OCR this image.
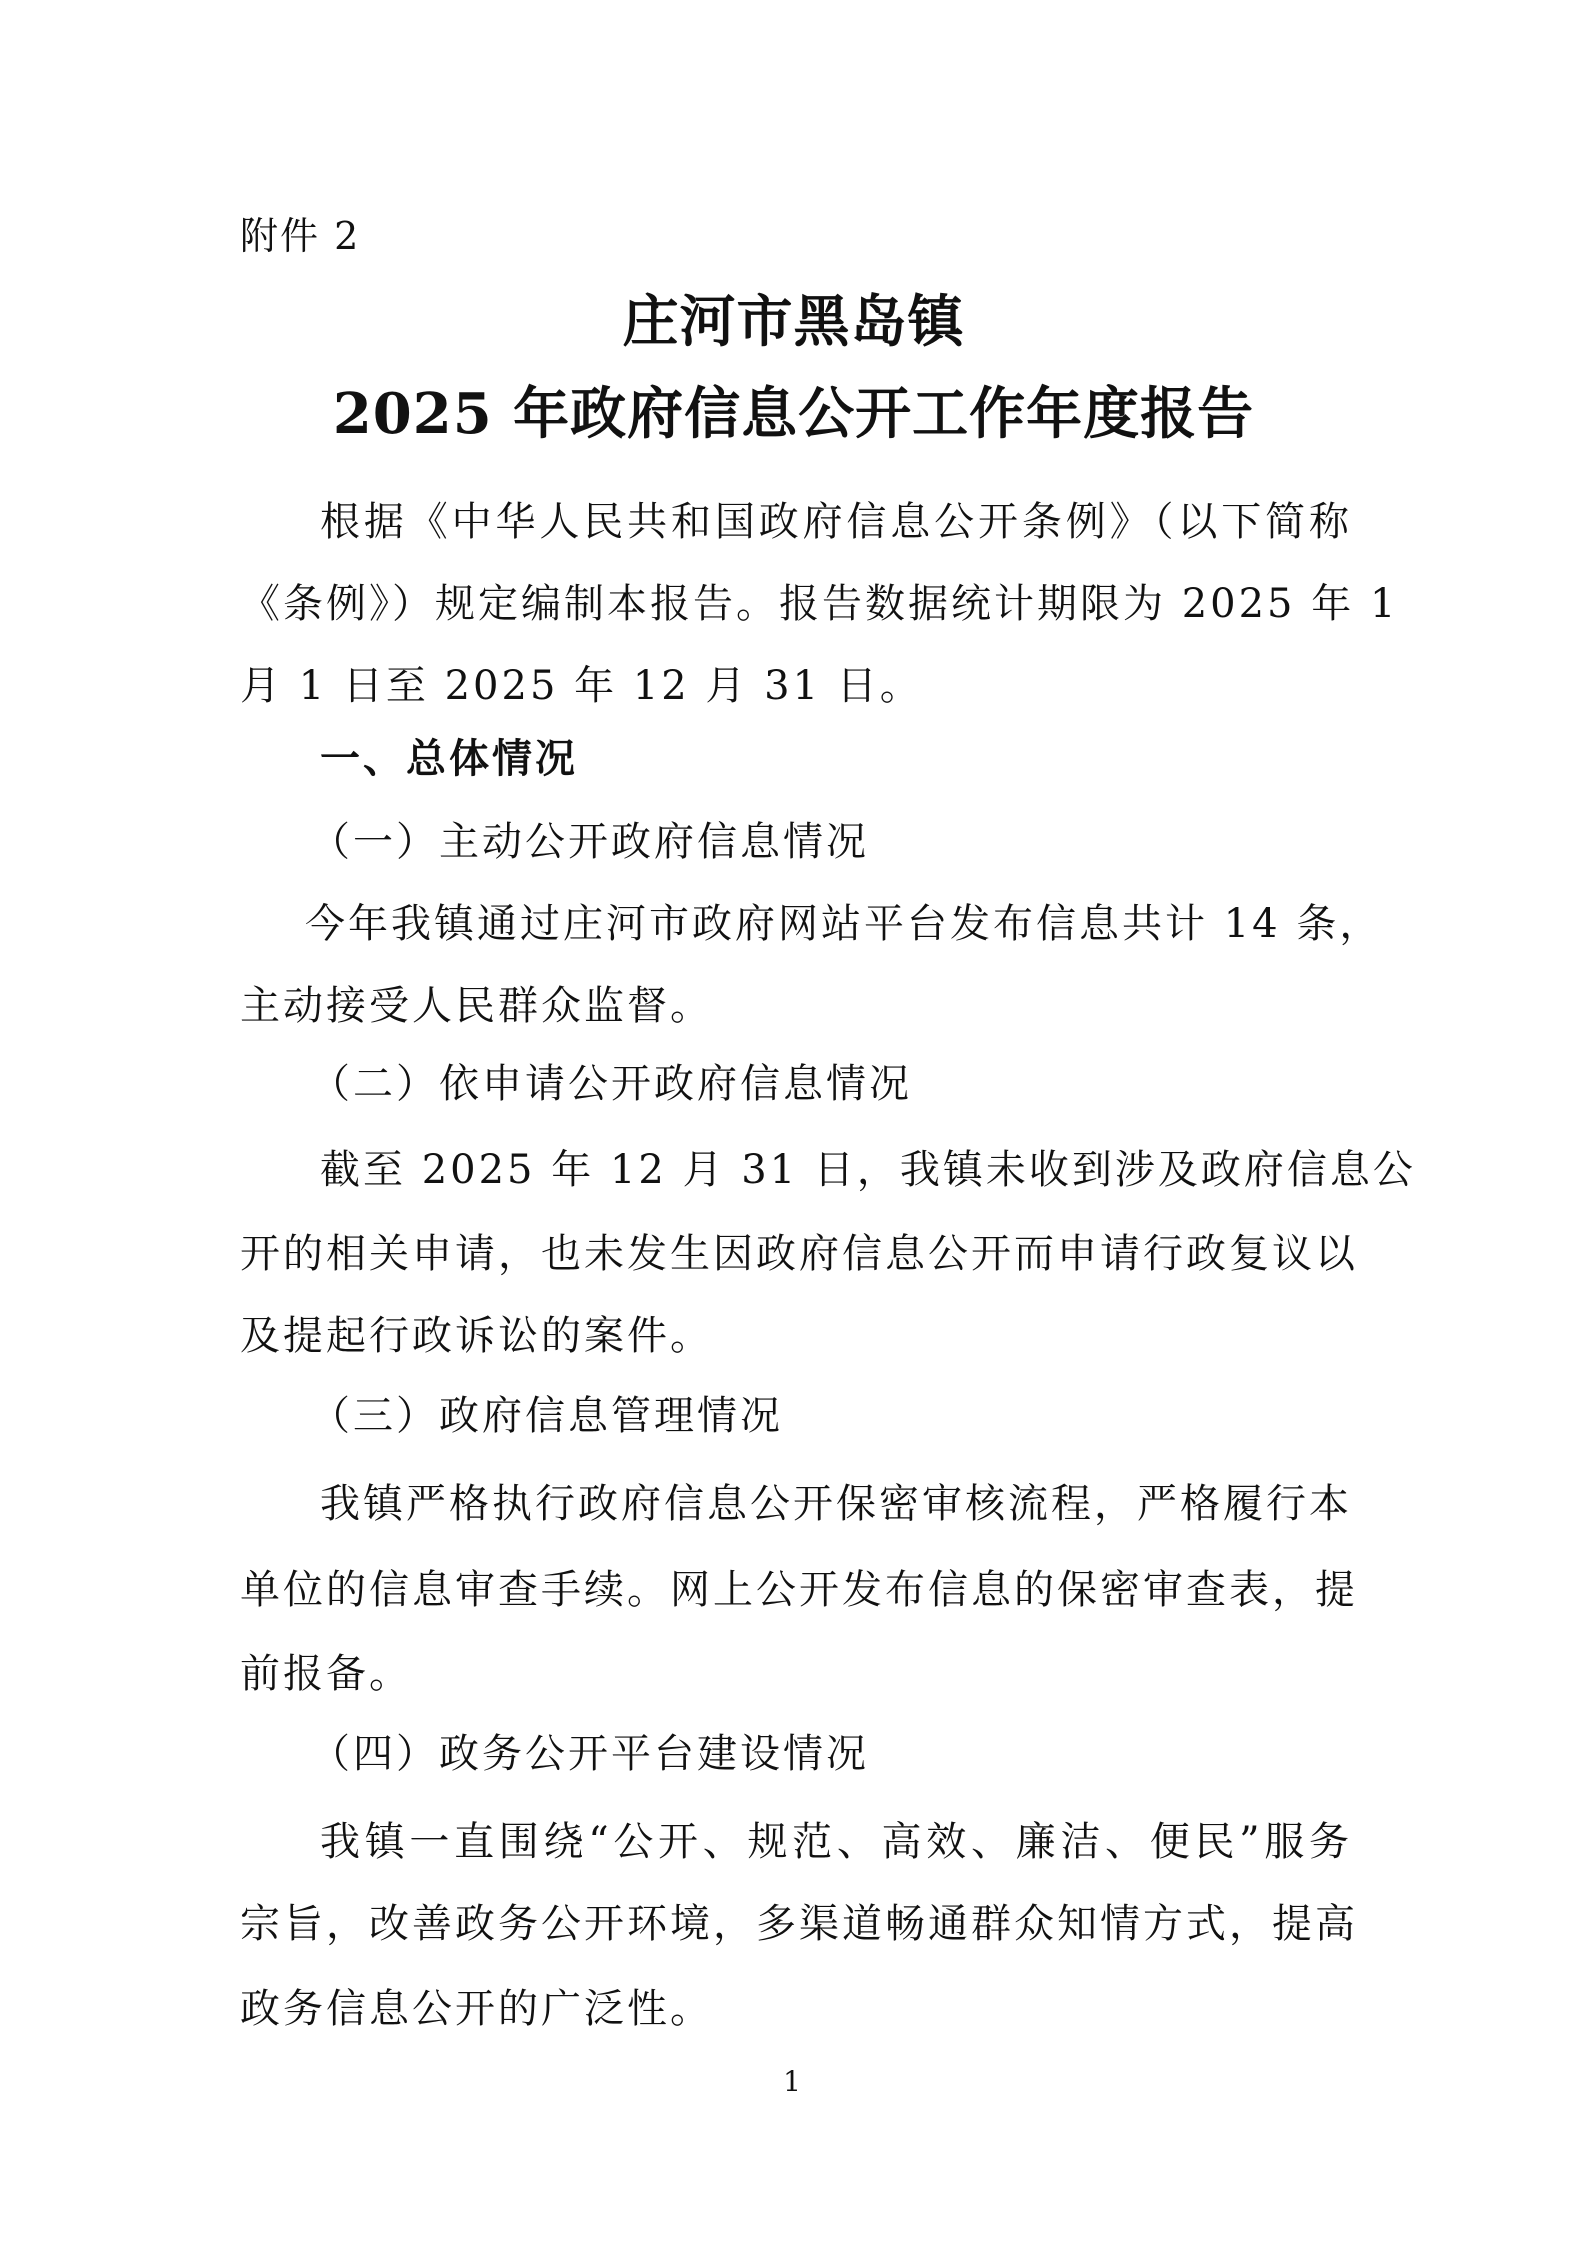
附件 2
庄河市黑岛镇
2025 年政府信息公开工作年度报告
根据《中华人民共和国政府信息公开条例》（以下简称
《条例》）规定编制本报告。报告数据统计期限为 2025 年 1
月 1 日至 2025 年 12 月 31 日。
一、总体情况
（一）主动公开政府信息情况
今年我镇通过庄河市政府网站平台发布信息共计 14 条，
主动接受人民群众监督。
（二）依申请公开政府信息情况
截至 2025 年 12 月 31 日，我镇未收到涉及政府信息公
开的相关申请，也未发生因政府信息公开而申请行政复议以
及提起行政诉讼的案件。
（三）政府信息管理情况
我镇严格执行政府信息公开保密审核流程，严格履行本
单位的信息审查手续。网上公开发布信息的保密审查表，提
前报备。
（四）政务公开平台建设情况
我镇一直围绕“公开、规范、高效、廉洁、便民”服务
宗旨，改善政务公开环境，多渠道畅通群众知情方式，提高
政务信息公开的广泛性。
1
